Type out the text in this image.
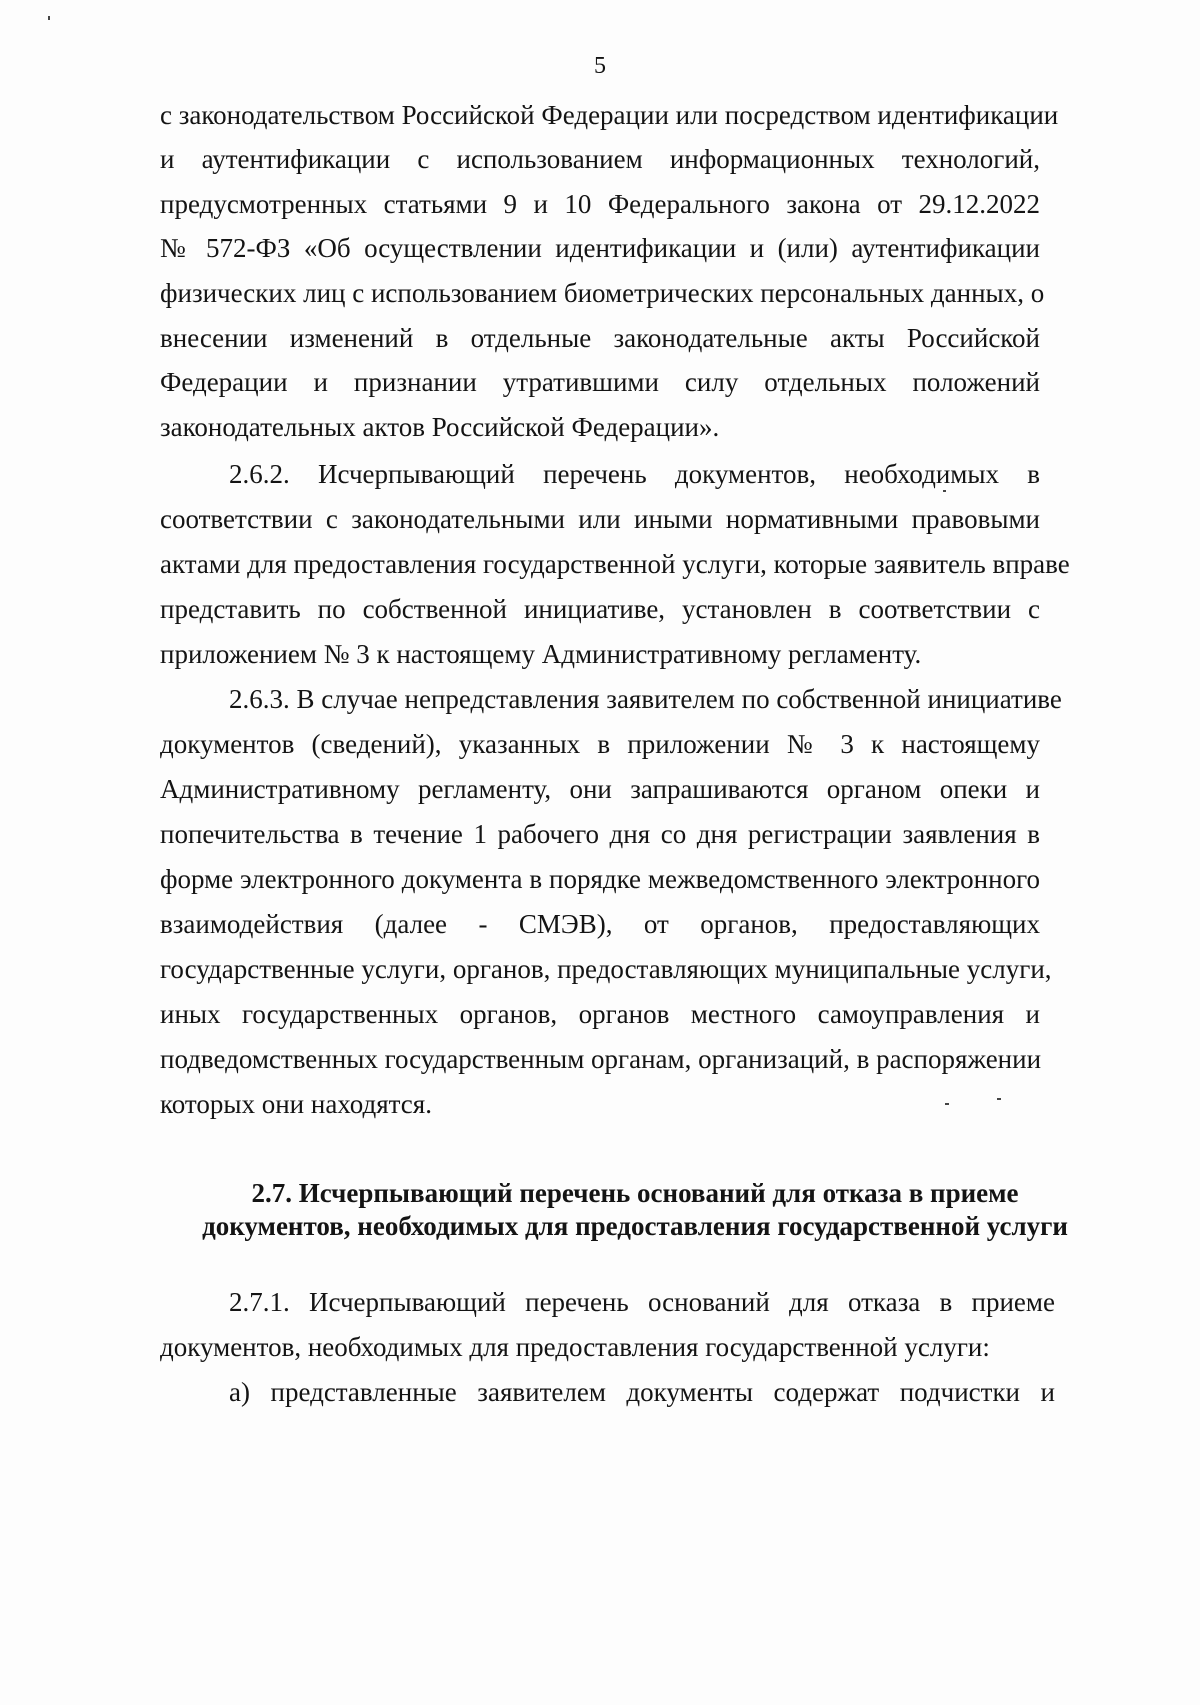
5
с законодательством Российской Федерации или посредством идентификации
и аутентификации с использованием информационных технологий,
предусмотренных статьями 9 и 10 Федерального закона от 29.12.2022
№ 572-ФЗ «Об осуществлении идентификации и (или) аутентификации
физических лиц с использованием биометрических персональных данных, о
внесении изменений в отдельные законодательные акты Российской
Федерации и признании утратившими силу отдельных положений
законодательных актов Российской Федерации».
2.6.2. Исчерпывающий перечень документов, необходимых в
соответствии с законодательными или иными нормативными правовыми
актами для предоставления государственной услуги, которые заявитель вправе
представить по собственной инициативе, установлен в соответствии с
приложением № 3 к настоящему Административному регламенту.
2.6.3. В случае непредставления заявителем по собственной инициативе
документов (сведений), указанных в приложении № 3 к настоящему
Административному регламенту, они запрашиваются органом опеки и
попечительства в течение 1 рабочего дня со дня регистрации заявления в
форме электронного документа в порядке межведомственного электронного
взаимодействия (далее - СМЭВ), от органов, предоставляющих
государственные услуги, органов, предоставляющих муниципальные услуги,
иных государственных органов, органов местного самоуправления и
подведомственных государственным органам, организаций, в распоряжении
которых они находятся.
2.7. Исчерпывающий перечень оснований для отказа в приеме
документов, необходимых для предоставления государственной услуги
2.7.1. Исчерпывающий перечень оснований для отказа в приеме
документов, необходимых для предоставления государственной услуги:
а) представленные заявителем документы содержат подчистки и
